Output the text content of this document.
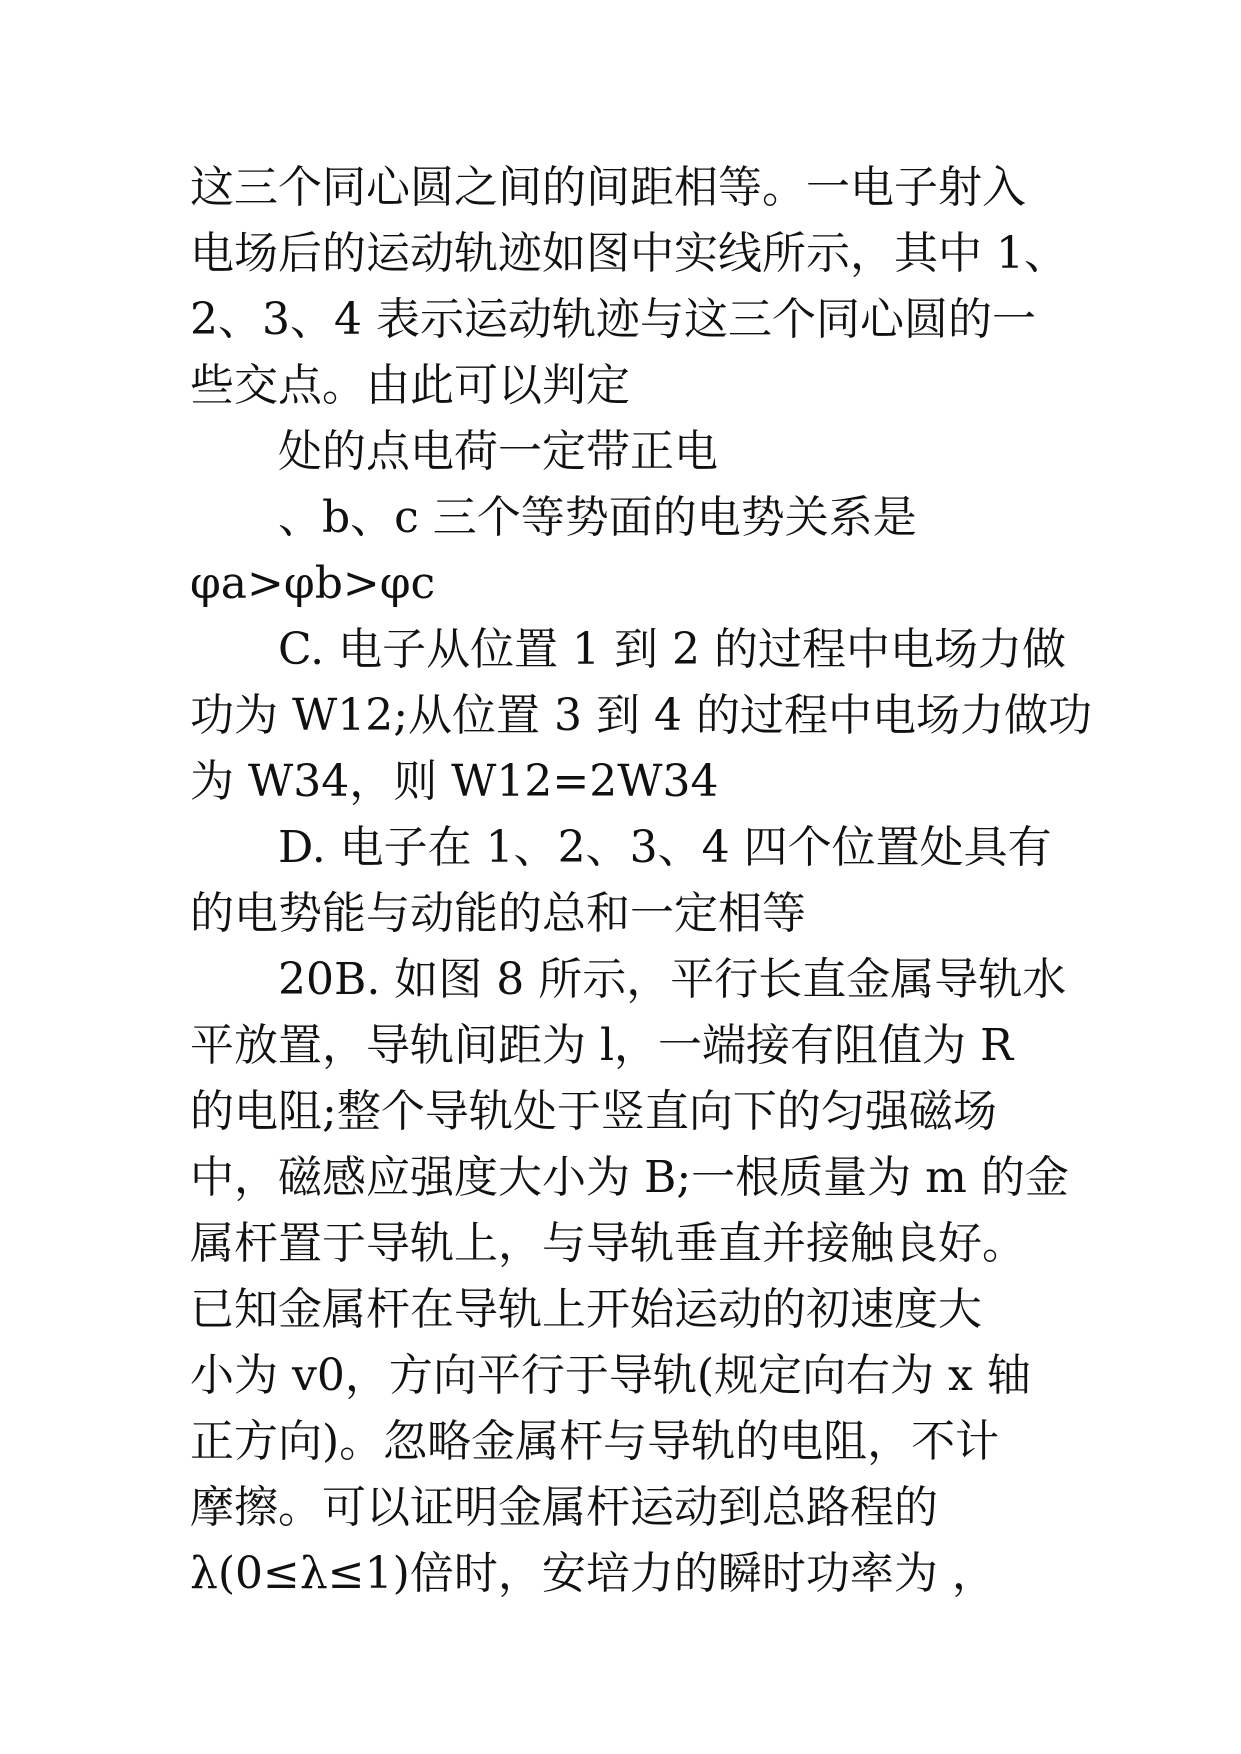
这三个同心圆之间的间距相等。一电子射入
电场后的运动轨迹如图中实线所示，其中 1、
2、3、4 表示运动轨迹与这三个同心圆的一
些交点。由此可以判定
处的点电荷一定带正电
、b、c 三个等势面的电势关系是
φa>φb>φc
C. 电子从位置 1 到 2 的过程中电场力做
功为 W12;从位置 3 到 4 的过程中电场力做功
为 W34，则 W12=2W34
D. 电子在 1、2、3、4 四个位置处具有
的电势能与动能的总和一定相等
20B. 如图 8 所示，平行长直金属导轨水
平放置，导轨间距为 l，一端接有阻值为 R
的电阻;整个导轨处于竖直向下的匀强磁场
中，磁感应强度大小为 B;一根质量为 m 的金
属杆置于导轨上，与导轨垂直并接触良好。
已知金属杆在导轨上开始运动的初速度大
小为 v0，方向平行于导轨(规定向右为 x 轴
正方向)。忽略金属杆与导轨的电阻，不计
摩擦。可以证明金属杆运动到总路程的
λ(0≤λ≤1)倍时，安培力的瞬时功率为 ，
